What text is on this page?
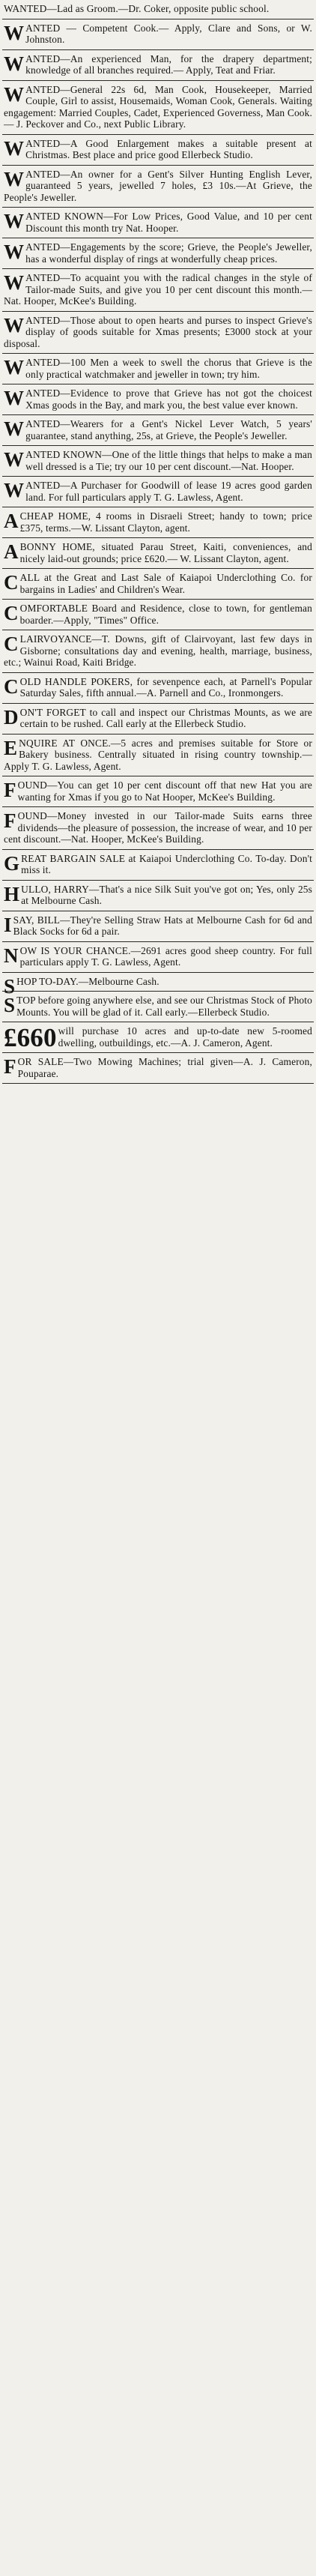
WANTED—Lad as Groom.—Dr. Coker, opposite public school.
WANTED — Competent Cook.— Apply, Clare and Sons, or W. Johnston.
WANTED—An experienced Man, for the drapery department; knowledge of all branches required.— Apply, Teat and Friar.
WANTED—General 22s 6d, Man Cook, Housekeeper, Married Couple, Girl to assist, Housemaids, Woman Cook, Generals. Waiting engagement: Married Couples, Cadet, Experienced Governess, Man Cook.— J. Peckover and Co., next Public Library.
WANTED—A Good Enlargement makes a suitable present at Christmas. Best place and price good Ellerbeck Studio.
WANTED—An owner for a Gent's Silver Hunting English Lever, guaranteed 5 years, jewelled 7 holes, £3 10s.—At Grieve, the People's Jeweller.
WANTED KNOWN—For Low Prices, Good Value, and 10 per cent Discount this month try Nat. Hooper.
WANTED—Engagements by the score; Grieve, the People's Jeweller, has a wonderful display of rings at wonderfully cheap prices.
WANTED—To acquaint you with the radical changes in the style of Tailor-made Suits, and give you 10 per cent discount this month.—Nat. Hooper, McKee's Building.
WANTED—Those about to open hearts and purses to inspect Grieve's display of goods suitable for Xmas presents; £3000 stock at your disposal.
WANTED—100 Men a week to swell the chorus that Grieve is the only practical watchmaker and jeweller in town; try him.
WANTED—Evidence to prove that Grieve has not got the choicest Xmas goods in the Bay, and mark you, the best value ever known.
WANTED—Wearers for a Gent's Nickel Lever Watch, 5 years' guarantee, stand anything, 25s, at Grieve, the People's Jeweller.
WANTED KNOWN—One of the little things that helps to make a man well dressed is a Tie; try our 10 per cent discount.—Nat. Hooper.
WANTED—A Purchaser for Goodwill of lease 19 acres good garden land. For full particulars apply T. G. Lawless, Agent.
A CHEAP HOME, 4 rooms in Disraeli Street; handy to town; price £375, terms.—W. Lissant Clayton, agent.
A BONNY HOME, situated Parau Street, Kaiti, conveniences, and nicely laid-out grounds; price £620.— W. Lissant Clayton, agent.
CALL at the Great and Last Sale of Kaiapoi Underclothing Co. for bargains in Ladies' and Children's Wear.
COMFORTABLE Board and Residence, close to town, for gentleman boarder.—Apply, "Times" Office.
CLAIRVOYANCE—T. Downs, gift of Clairvoyant, last few days in Gisborne; consultations day and evening, health, marriage, business, etc.; Wainui Road, Kaiti Bridge.
COLD HANDLE POKERS, for sevenpence each, at Parnell's Popular Saturday Sales, fifth annual.—A. Parnell and Co., Ironmongers.
DON'T FORGET to call and inspect our Christmas Mounts, as we are certain to be rushed. Call early at the Ellerbeck Studio.
ENQUIRE AT ONCE.—5 acres and premises suitable for Store or Bakery business. Centrally situated in rising country township.—Apply T. G. Lawless, Agent.
FOUND—You can get 10 per cent discount off that new Hat you are wanting for Xmas if you go to Nat Hooper, McKee's Building.
FOUND—Money invested in our Tailor-made Suits earns three dividends—the pleasure of possession, the increase of wear, and 10 per cent discount.—Nat. Hooper, McKee's Building.
GREAT BARGAIN SALE at Kaiapoi Underclothing Co. To-day. Don't miss it.
HULLO, HARRY—That's a nice Silk Suit you've got on; Yes, only 25s at Melbourne Cash.
I SAY, BILL—They're Selling Straw Hats at Melbourne Cash for 6d and Black Socks for 6d a pair.
NOW IS YOUR CHANCE.—2691 acres good sheep country. For full particulars apply T. G. Lawless, Agent.
SHOP TO-DAY.—Melbourne Cash.
STOP before going anywhere else, and see our Christmas Stock of Photo Mounts. You will be glad of it. Call early.—Ellerbeck Studio.
£660 will purchase 10 acres and up-to-date new 5-roomed dwelling, outbuildings, etc.—A. J. Cameron, Agent.
FOR SALE—Two Mowing Machines; trial given—A. J. Cameron, Pouparae.
